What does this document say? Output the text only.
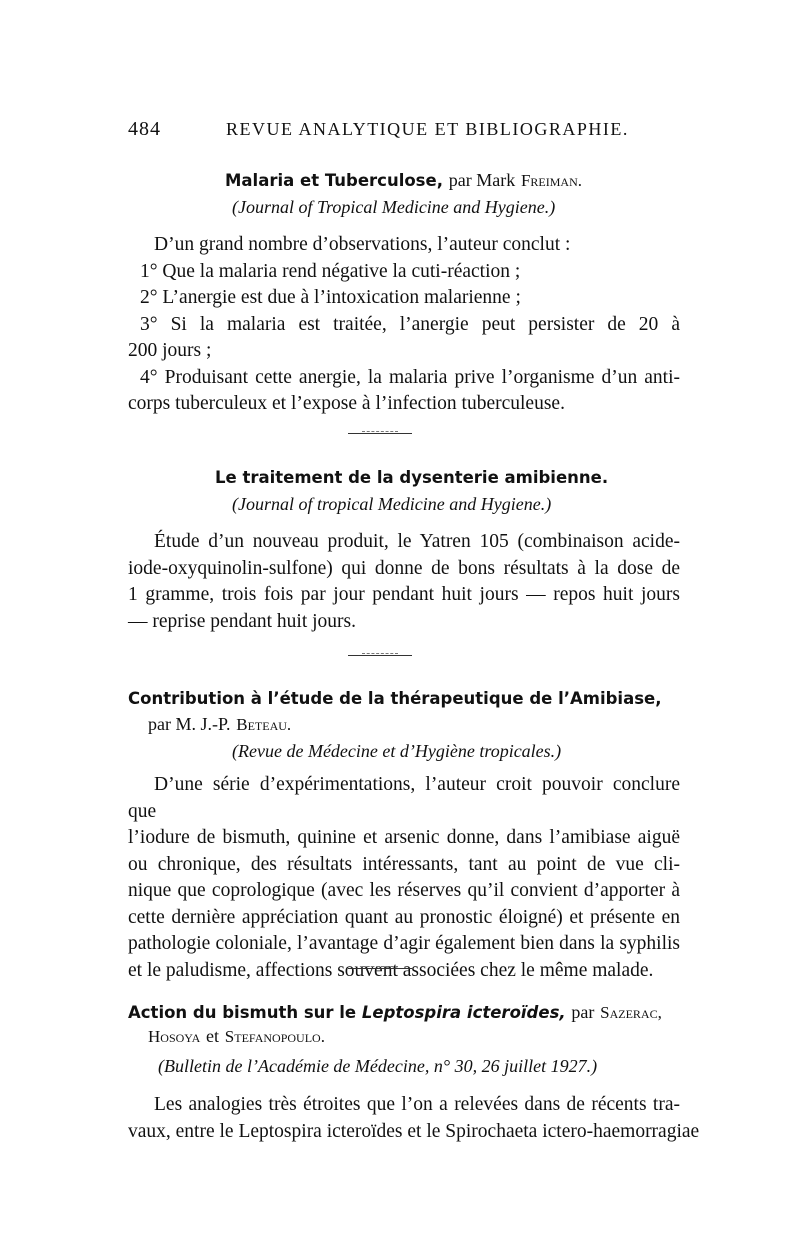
484	REVUE ANALYTIQUE ET BIBLIOGRAPHIE.
Malaria et Tuberculose, par Mark Freiman.
(Journal of Tropical Medicine and Hygiene.)
D’un grand nombre d’observations, l’auteur conclut :
1° Que la malaria rend négative la cuti-réaction ;
2° L’anergie est due à l’intoxication malarienne ;
3° Si la malaria est traitée, l’anergie peut persister de 20 à
200 jours ;
4° Produisant cette anergie, la malaria prive l’organisme d’un anti-
corps tuberculeux et l’expose à l’infection tuberculeuse.
Le traitement de la dysenterie amibienne.
(Journal of tropical Medicine and Hygiene.)
Étude d’un nouveau produit, le Yatren 105 (combinaison acide-
iode-oxyquinolin-sulfone) qui donne de bons résultats à la dose de
1 gramme, trois fois par jour pendant huit jours — repos huit jours
— reprise pendant huit jours.
Contribution à l’étude de la thérapeutique de l’Amibiase,
par M. J.-P. Beteau.
(Revue de Médecine et d’Hygiène tropicales.)
D’une série d’expérimentations, l’auteur croit pouvoir conclure que
l’iodure de bismuth, quinine et arsenic donne, dans l’amibiase aiguë
ou chronique, des résultats intéressants, tant au point de vue cli-
nique que coprologique (avec les réserves qu’il convient d’apporter à
cette dernière appréciation quant au pronostic éloigné) et présente en
pathologie coloniale, l’avantage d’agir également bien dans la syphilis
et le paludisme, affections souvent associées chez le même malade.
Action du bismuth sur le Leptospira icteroïdes, par Sazerac,
Hosoya et Stefanopoulo.
(Bulletin de l’Académie de Médecine, n° 30, 26 juillet 1927.)
Les analogies très étroites que l’on a relevées dans de récents tra-
vaux, entre le Leptospira icteroïdes et le Spirochaeta ictero-haemorragiae
